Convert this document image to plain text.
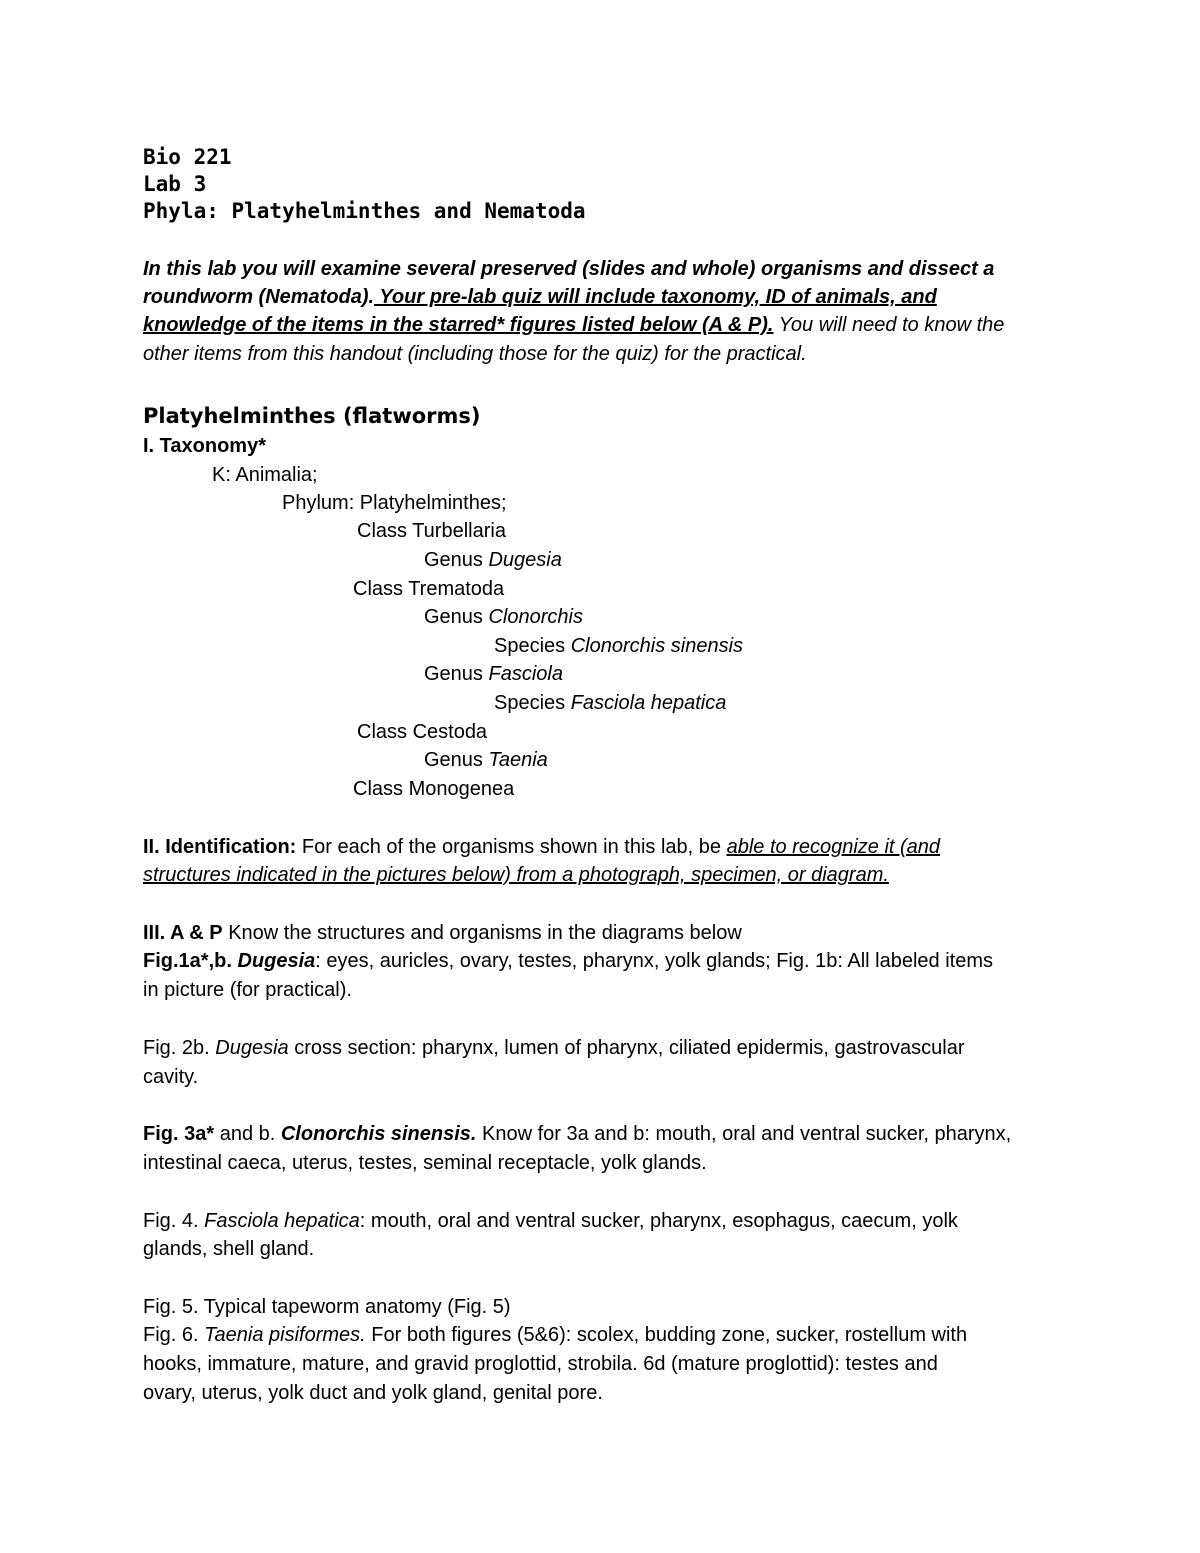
Bio 221
Lab 3
Phyla: Platyhelminthes and Nematoda
In this lab you will examine several preserved (slides and whole) organisms and dissect a
roundworm (Nematoda). Your pre-lab quiz will include taxonomy, ID of animals, and
knowledge of the items in the starred* figures listed below (A & P). You will need to know the
other items from this handout (including those for the quiz) for the practical.
Platyhelminthes (flatworms)
I. Taxonomy*
K: Animalia;
Phylum: Platyhelminthes;
Class Turbellaria
Genus Dugesia
Class Trematoda
Genus Clonorchis
Species Clonorchis sinensis
Genus Fasciola
Species Fasciola hepatica
Class Cestoda
Genus Taenia
Class Monogenea
II. Identification: For each of the organisms shown in this lab, be able to recognize it (and
structures indicated in the pictures below) from a photograph, specimen, or diagram.
III. A & P Know the structures and organisms in the diagrams below
Fig.1a*,b. Dugesia: eyes, auricles, ovary, testes, pharynx, yolk glands; Fig. 1b: All labeled items
in picture (for practical).
Fig. 2b. Dugesia cross section: pharynx, lumen of pharynx, ciliated epidermis, gastrovascular
cavity.
Fig. 3a* and b. Clonorchis sinensis. Know for 3a and b: mouth, oral and ventral sucker, pharynx,
intestinal caeca, uterus, testes, seminal receptacle, yolk glands.
Fig. 4. Fasciola hepatica: mouth, oral and ventral sucker, pharynx, esophagus, caecum, yolk
glands, shell gland.
Fig. 5. Typical tapeworm anatomy (Fig. 5)
Fig. 6. Taenia pisiformes. For both figures (5&6): scolex, budding zone, sucker, rostellum with
hooks, immature, mature, and gravid proglottid, strobila. 6d (mature proglottid): testes and
ovary, uterus, yolk duct and yolk gland, genital pore.
